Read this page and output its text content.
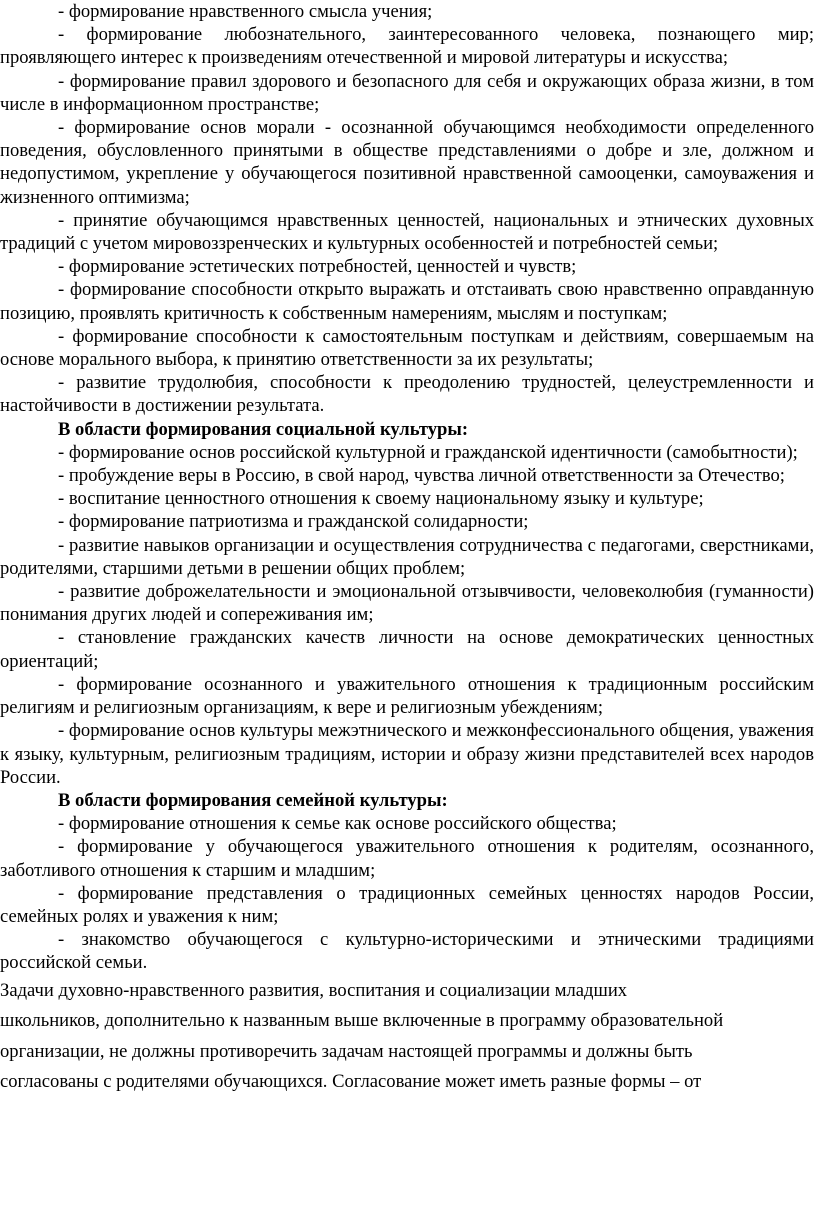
- формирование нравственного смысла учения;

- формирование любознательного, заинтересованного человека, познающего мир; проявляющего интерес к произведениям отечественной и мировой литературы и искусства;

- формирование правил здорового и безопасного для себя и окружающих образа жизни, в том числе в информационном пространстве;

- формирование основ морали - осознанной обучающимся необходимости определенного поведения, обусловленного принятыми в обществе представлениями о добре и зле, должном и недопустимом, укрепление у обучающегося позитивной нравственной самооценки, самоуважения и жизненного оптимизма;

- принятие обучающимся нравственных ценностей, национальных и этнических духовных традиций с учетом мировоззренческих и культурных особенностей и потребностей семьи;

- формирование эстетических потребностей, ценностей и чувств;

- формирование способности открыто выражать и отстаивать свою нравственно оправданную позицию, проявлять критичность к собственным намерениям, мыслям и поступкам;

- формирование способности к самостоятельным поступкам и действиям, совершаемым на основе морального выбора, к принятию ответственности за их результаты;

- развитие трудолюбия, способности к преодолению трудностей, целеустремленности и настойчивости в достижении результата.

В области формирования социальной культуры:

- формирование основ российской культурной и гражданской идентичности (самобытности);

- пробуждение веры в Россию, в свой народ, чувства личной ответственности за Отечество;

- воспитание ценностного отношения к своему национальному языку и культуре;

- формирование патриотизма и гражданской солидарности;

- развитие навыков организации и осуществления сотрудничества с педагогами, сверстниками, родителями, старшими детьми в решении общих проблем;

- развитие доброжелательности и эмоциональной отзывчивости, человеколюбия (гуманности) понимания других людей и сопереживания им;

- становление гражданских качеств личности на основе демократических ценностных ориентаций;

- формирование осознанного и уважительного отношения к традиционным российским религиям и религиозным организациям, к вере и религиозным убеждениям;

- формирование основ культуры межэтнического и межконфессионального общения, уважения к языку, культурным, религиозным традициям, истории и образу жизни представителей всех народов России.

В области формирования семейной культуры:

- формирование отношения к семье как основе российского общества;

- формирование у обучающегося уважительного отношения к родителям, осознанного, заботливого отношения к старшим и младшим;

- формирование представления о традиционных семейных ценностях народов России, семейных ролях и уважения к ним;

- знакомство обучающегося с культурно-историческими и этническими традициями российской семьи.

Задачи духовно-нравственного развития, воспитания и социализации младших

школьников, дополнительно к названным выше включенные в программу образовательной

организации, не должны противоречить задачам настоящей программы и должны быть

согласованы с родителями обучающихся. Согласование может иметь разные формы – от
